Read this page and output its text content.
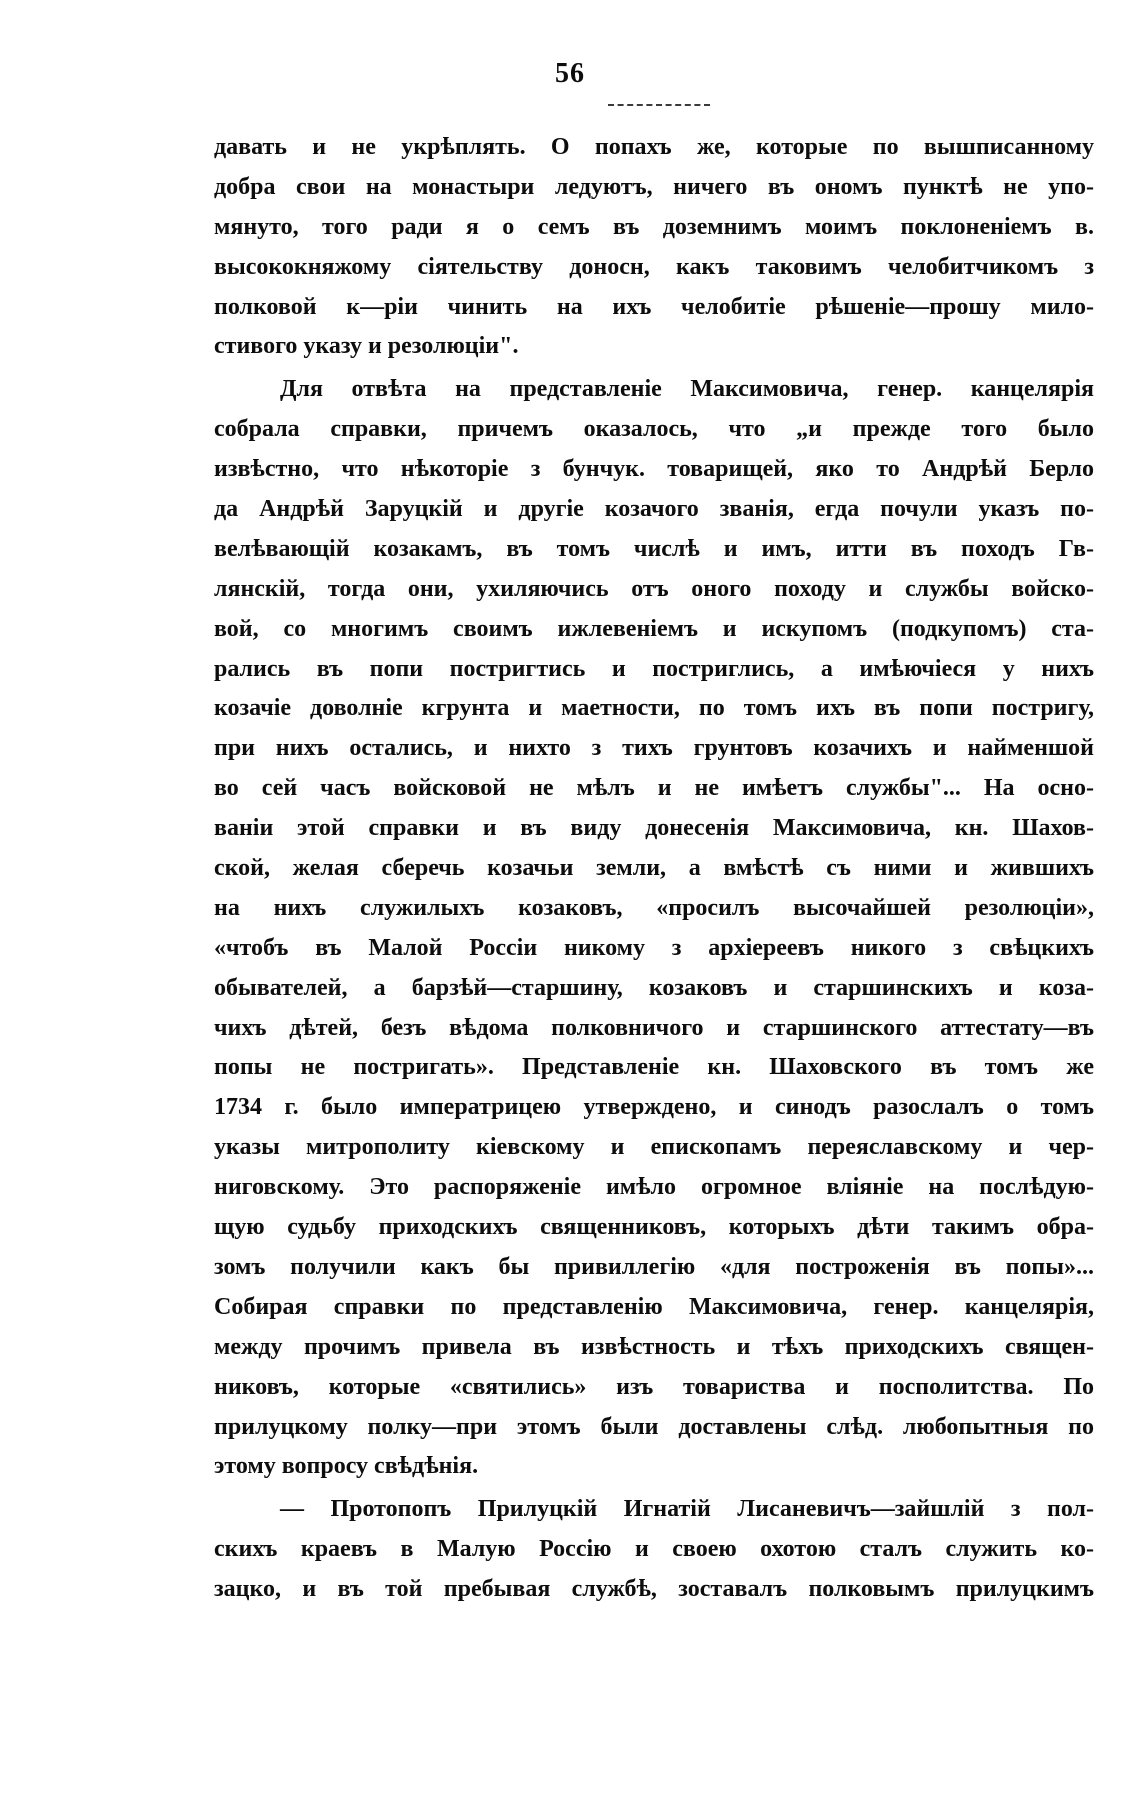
56
давать и не укрѣплять. О попахъ же, которые по вышписанному
добра свои на монастыри ледуютъ, ничего въ ономъ пунктѣ не упо-
мянуто, того ради я о семъ въ доземнимъ моимъ поклоненіемъ в.
высококняжому сіятельству доносн, какъ таковимъ челобитчикомъ з
полковой к—ріи чинить на ихъ челобитіе рѣшеніе—прошу мило-
стивого указу и резолюціи".
Для отвѣта на представленіе Максимовича, генер. канцелярія
собрала справки, причемъ оказалось, что „и прежде того было
извѣстно, что нѣкоторіе з бунчук. товарищей, яко то Андрѣй Берло
да Андрѣй Заруцкій и другіе козачого званія, егда почули указъ по-
велѣвающій козакамъ, въ томъ числѣ и имъ, итти въ походъ Гв-
лянскій, тогда они, ухиляючись отъ оного походу и службы войско-
вой, со многимъ своимъ ижлевеніемъ и искупомъ (подкупомъ) ста-
рались въ попи постригтись и постриглись, а имѣючіеся у нихъ
козачіе доволніе кгрунта и маетности, по томъ ихъ въ попи постригу,
при нихъ остались, и нихто з тихъ грунтовъ козачихъ и найменшой
во сей часъ войсковой не мѣлъ и не имѣетъ службы"... На осно-
ваніи этой справки и въ виду донесенія Максимовича, кн. Шахов-
ской, желая сберечь козачьи земли, а вмѣстѣ съ ними и жившихъ
на нихъ служилыхъ козаковъ, «просилъ высочайшей резолюціи»,
«чтобъ въ Малой Россіи никому з архіереевъ никого з свѣцкихъ
обывателей, а барзѣй—старшину, козаковъ и старшинскихъ и коза-
чихъ дѣтей, безъ вѣдома полковничого и старшинского аттестату—въ
попы не постригать». Представленіе кн. Шаховского въ томъ же
1734 г. было императрицею утверждено, и синодъ разослалъ о томъ
указы митрополиту кіевскому и епископамъ переяславскому и чер-
ниговскому. Это распоряженіе имѣло огромное вліяніе на послѣдую-
щую судьбу приходскихъ священниковъ, которыхъ дѣти такимъ обра-
зомъ получили какъ бы привиллегію «для построженія въ попы»...
Собирая справки по представленію Максимовича, генер. канцелярія,
между прочимъ привела въ извѣстность и тѣхъ приходскихъ священ-
никовъ, которые «святились» изъ товариства и посполитства. По
прилуцкому полку—при этомъ были доставлены слѣд. любопытныя по
этому вопросу свѣдѣнія.
— Протопопъ Прилуцкій Игнатій Лисаневичъ—зайшлій з пол-
скихъ краевъ в Малую Россію и своею охотою сталъ служить ко-
зацко, и въ той пребывая службѣ, зоставалъ полковымъ прилуцкимъ
